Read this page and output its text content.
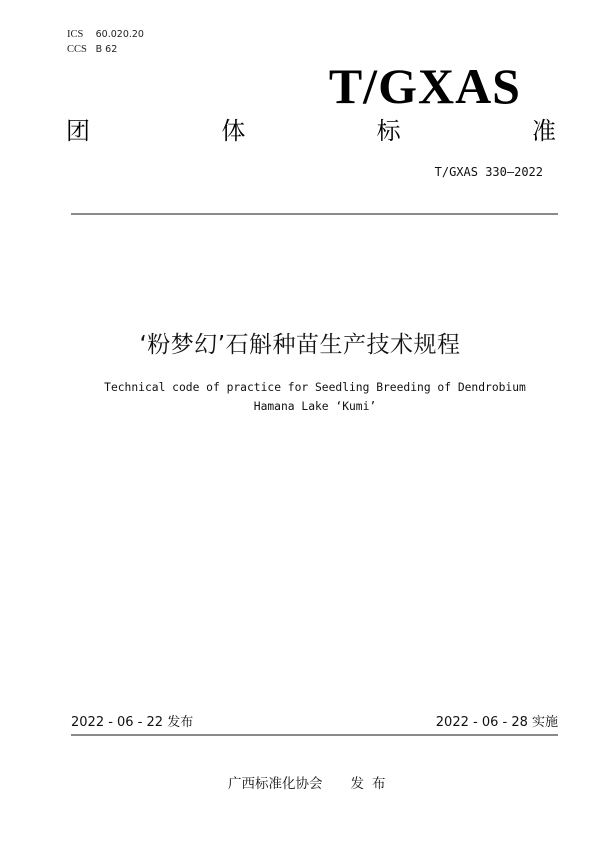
ICS 60.020.20
CCS B 62
T/GXAS
团	体	标	准
T/GXAS 330—2022
‘粉梦幻’石斛种苗生产技术规程
Technical code of practice for Seedling Breeding of Dendrobium
Hamana Lake ‘Kumi’
2022 - 06 - 22 发布	2022 - 06 - 28 实施
广西标准化协会 发 布
